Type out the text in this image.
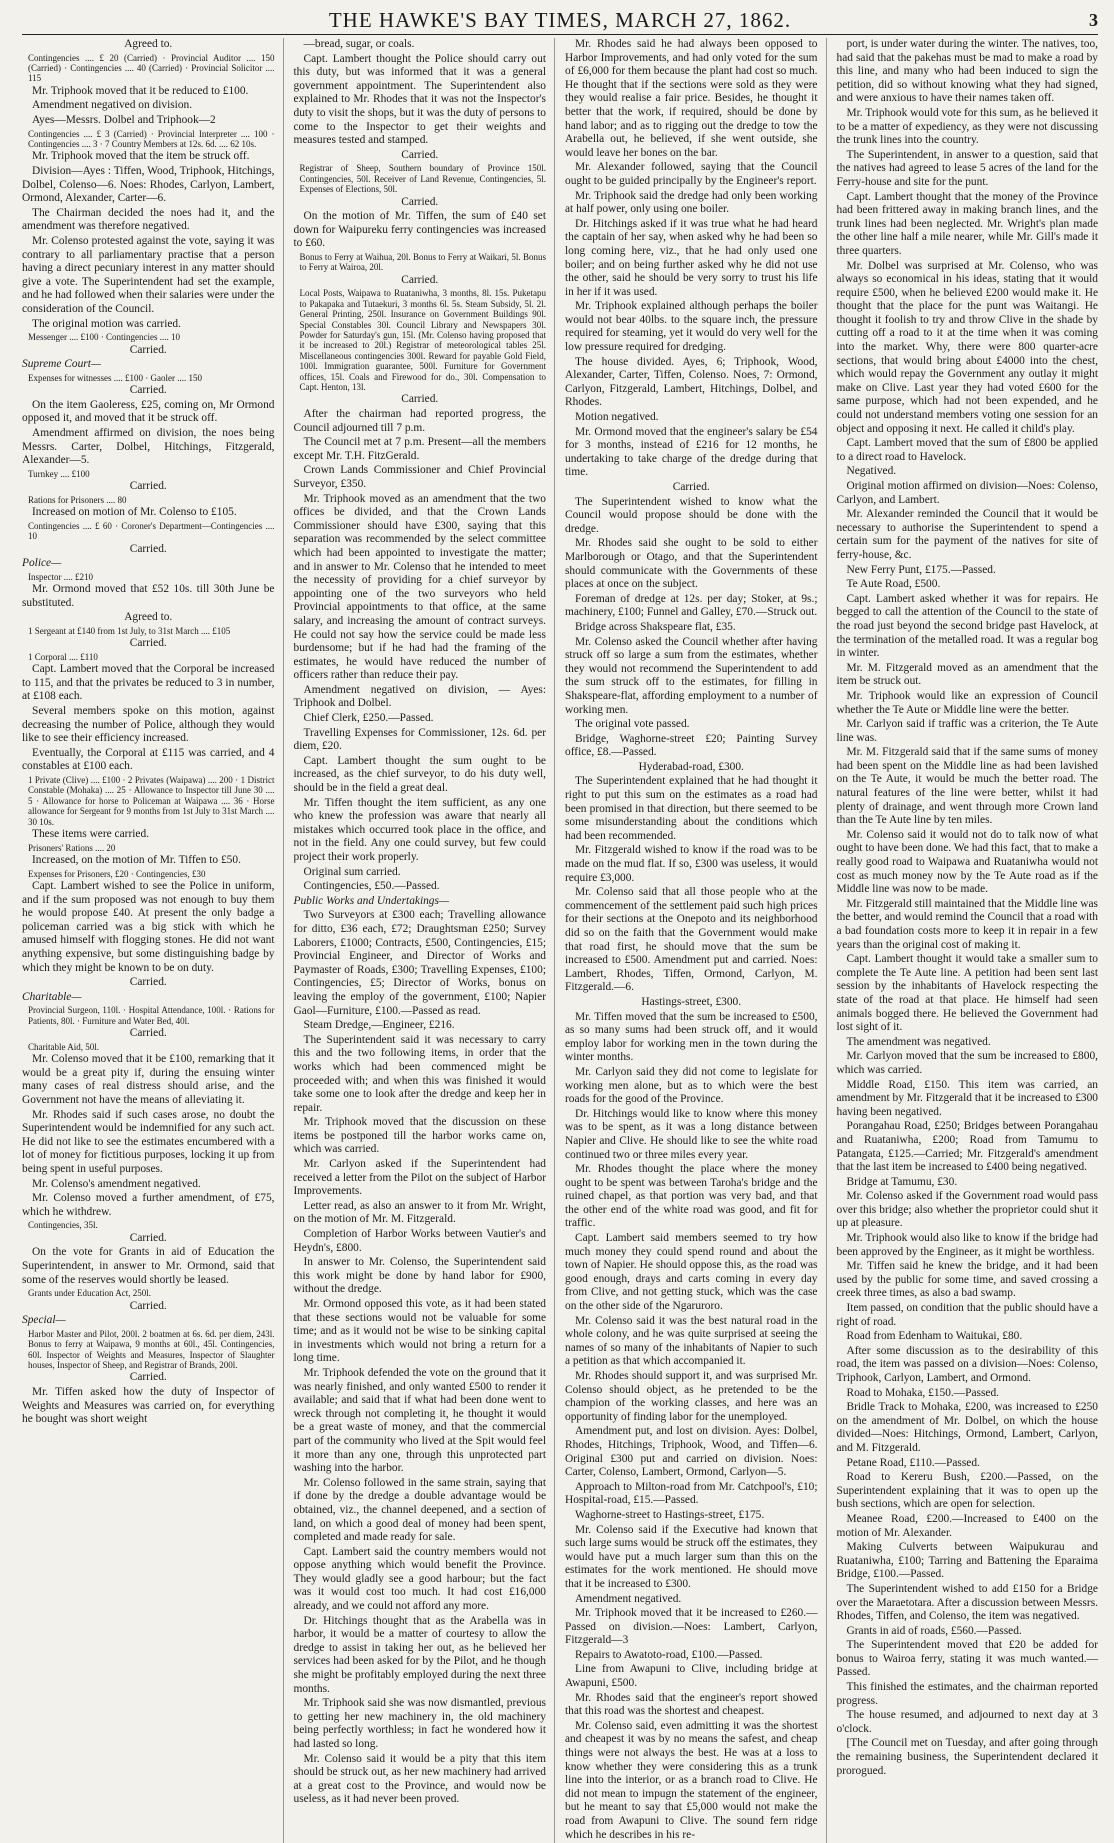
THE HAWKE'S BAY TIMES, MARCH 27, 1862.	3

Agreed to.

Contingencies .... £ 20 (Carried) · Provincial Auditor .... 150 (Carried) · Contingencies .... 40 (Carried) · Provincial Solicitor .... 115

Mr. Triphook moved that it be reduced to £100.

Amendment negatived on division.

Ayes—Messrs. Dolbel and Triphook—2

Contingencies .... £ 3 (Carried) · Provincial Interpreter .... 100 · Contingencies .... 3 · 7 Country Members at 12s. 6d. .... 62 10s.

Mr. Triphook moved that the item be struck off.

Division—Ayes : Tiffen, Wood, Triphook, Hitchings, Dolbel, Colenso—6. Noes: Rhodes, Carlyon, Lambert, Ormond, Alexander, Carter—6.

The Chairman decided the noes had it, and the amendment was therefore negatived.

Mr. Colenso protested against the vote, saying it was contrary to all parliamentary practise that a person having a direct pecuniary interest in any matter should give a vote. The Superintendent had set the example, and he had followed when their salaries were under the consideration of the Council.

The original motion was carried.

Messenger .... £100 · Contingencies .... 10

Carried.

Supreme Court—

Expenses for witnesses .... £100 · Gaoler .... 150

Carried.

On the item Gaoleress, £25, coming on, Mr Ormond opposed it, and moved that it be struck off.

Amendment affirmed on division, the noes being Messrs. Carter, Dolbel, Hitchings, Fitzgerald, Alexander—5.

Turnkey .... £100

Carried.

Rations for Prisoners .... 80

Increased on motion of Mr. Colenso to £105.

Contingencies .... £ 60 · Coroner's Department—Contingencies .... 10

Carried.

Police—

Inspector .... £210

Mr. Ormond moved that £52 10s. till 30th June be substituted.

Agreed to.

1 Sergeant at £140 from 1st July, to 31st March .... £105

Carried.

1 Corporal .... £110

Capt. Lambert moved that the Corporal be increased to 115, and that the privates be reduced to 3 in number, at £108 each.

Several members spoke on this motion, against decreasing the number of Police, although they would like to see their efficiency increased.

Eventually, the Corporal at £115 was carried, and 4 constables at £100 each.

1 Private (Clive) .... £100 · 2 Privates (Waipawa) .... 200 · 1 District Constable (Mohaka) .... 25 · Allowance to Inspector till June 30 .... 5 · Allowance for horse to Policeman at Waipawa .... 36 · Horse allowance for Sergeant for 9 months from 1st July to 31st March .... 30 10s.

These items were carried.

Prisoners' Rations .... 20

Increased, on the motion of Mr. Tiffen to £50.

Expenses for Prisoners, £20 · Contingencies, £30

Capt. Lambert wished to see the Police in uniform, and if the sum proposed was not enough to buy them he would propose £40. At present the only badge a policeman carried was a big stick with which he amused himself with flogging stones. He did not want anything expensive, but some distinguishing badge by which they might be known to be on duty.

Carried.

Charitable—

Provincial Surgeon, 110l. · Hospital Attendance, 100l. · Rations for Patients, 80l. · Furniture and Water Bed, 40l.

Carried.

Charitable Aid, 50l.

Mr. Colenso moved that it be £100, remarking that it would be a great pity if, during the ensuing winter many cases of real distress should arise, and the Government not have the means of alleviating it.

Mr. Rhodes said if such cases arose, no doubt the Superintendent would be indemnified for any such act. He did not like to see the estimates encumbered with a lot of money for fictitious purposes, locking it up from being spent in useful purposes.

Mr. Colenso's amendment negatived.

Mr. Colenso moved a further amendment, of £75, which he withdrew.

Contingencies, 35l.

Carried.

On the vote for Grants in aid of Education the Superintendent, in answer to Mr. Ormond, said that some of the reserves would shortly be leased.

Grants under Education Act, 250l.

Carried.

Special—

Harbor Master and Pilot, 200l. 2 boatmen at 6s. 6d. per diem, 243l. Bonus to ferry at Waipawa, 9 months at 60l., 45l. Contingencies, 60l. Inspector of Weights and Measures, Inspector of Slaughter houses, Inspector of Sheep, and Registrar of Brands, 200l.

Carried.

Mr. Tiffen asked how the duty of Inspector of Weights and Measures was carried on, for everything he bought was short weight

—bread, sugar, or coals.

Capt. Lambert thought the Police should carry out this duty, but was informed that it was a general government appointment. The Superintendent also explained to Mr. Rhodes that it was not the Inspector's duty to visit the shops, but it was the duty of persons to come to the Inspector to get their weights and measures tested and stamped.

Carried.

Registrar of Sheep, Southern boundary of Province 150l. Contingencies, 50l. Receiver of Land Revenue, Contingencies, 5l. Expenses of Elections, 50l.

Carried.

On the motion of Mr. Tiffen, the sum of £40 set down for Waipureku ferry contingencies was increased to £60.

Bonus to Ferry at Waihua, 20l. Bonus to Ferry at Waikari, 5l. Bonus to Ferry at Wairoa, 20l.

Carried.

Local Posts, Waipawa to Ruataniwha, 3 months, 8l. 15s. Puketapu to Pakapaka and Tutaekuri, 3 months 6l. 5s. Steam Subsidy, 5l. 2l. General Printing, 250l. Insurance on Government Buildings 90l. Special Constables 30l. Council Library and Newspapers 30l. Powder for Saturday's gun, 15l. (Mr. Colenso having proposed that it be increased to 20l.) Registrar of meteorological tables 25l. Miscellaneous contingencies 300l. Reward for payable Gold Field, 100l. Immigration guarantee, 500l. Furniture for Government offices, 15l. Coals and Firewood for do., 30l. Compensation to Capt. Henton, 13l.

Carried.

After the chairman had reported progress, the Council adjourned till 7 p.m.

The Council met at 7 p.m. Present—all the members except Mr. T.H. FitzGerald.

Crown Lands Commissioner and Chief Provincial Surveyor, £350.

Mr. Triphook moved as an amendment that the two offices be divided, and that the Crown Lands Commissioner should have £300, saying that this separation was recommended by the select committee which had been appointed to investigate the matter; and in answer to Mr. Colenso that he intended to meet the necessity of providing for a chief surveyor by appointing one of the two surveyors who held Provincial appointments to that office, at the same salary, and increasing the amount of contract surveys. He could not say how the service could be made less burdensome; but if he had had the framing of the estimates, he would have reduced the number of officers rather than reduce their pay.

Amendment negatived on division, — Ayes: Triphook and Dolbel.

Chief Clerk, £250.—Passed.

Travelling Expenses for Commissioner, 12s. 6d. per diem, £20.

Capt. Lambert thought the sum ought to be increased, as the chief surveyor, to do his duty well, should be in the field a great deal.

Mr. Tiffen thought the item sufficient, as any one who knew the profession was aware that nearly all mistakes which occurred took place in the office, and not in the field. Any one could survey, but few could project their work properly.

Original sum carried.

Contingencies, £50.—Passed.

Public Works and Undertakings—

Two Surveyors at £300 each; Travelling allowance for ditto, £36 each, £72; Draughtsman £250; Survey Laborers, £1000; Contracts, £500, Contingencies, £15; Provincial Engineer, and Director of Works and Paymaster of Roads, £300; Travelling Expenses, £100; Contingencies, £5; Director of Works, bonus on leaving the employ of the government, £100; Napier Gaol—Furniture, £100.—Passed as read.

Steam Dredge,—Engineer, £216.

The Superintendent said it was necessary to carry this and the two following items, in order that the works which had been commenced might be proceeded with; and when this was finished it would take some one to look after the dredge and keep her in repair.

Mr. Triphook moved that the discussion on these items be postponed till the harbor works came on, which was carried.

Mr. Carlyon asked if the Superintendent had received a letter from the Pilot on the subject of Harbor Improvements.

Letter read, as also an answer to it from Mr. Wright, on the motion of Mr. M. Fitzgerald.

Completion of Harbor Works between Vautier's and Heydn's, £800.

In answer to Mr. Colenso, the Superintendent said this work might be done by hand labor for £900, without the dredge.

Mr. Ormond opposed this vote, as it had been stated that these sections would not be valuable for some time; and as it would not be wise to be sinking capital in investments which would not bring a return for a long time.

Mr. Triphook defended the vote on the ground that it was nearly finished, and only wanted £500 to render it available; and said that if what had been done went to wreck through not completing it, he thought it would be a great waste of money, and that the commercial part of the community who lived at the Spit would feel it more than any one, through this unprotected part washing into the harbor.

Mr. Colenso followed in the same strain, saying that if done by the dredge a double advantage would be obtained, viz., the channel deepened, and a section of land, on which a good deal of money had been spent, completed and made ready for sale.

Capt. Lambert said the country members would not oppose anything which would benefit the Province. They would gladly see a good harbour; but the fact was it would cost too much. It had cost £16,000 already, and we could not afford any more.

Dr. Hitchings thought that as the Arabella was in harbor, it would be a matter of courtesy to allow the dredge to assist in taking her out, as he believed her services had been asked for by the Pilot, and he though she might be profitably employed during the next three months.

Mr. Triphook said she was now dismantled, previous to getting her new machinery in, the old machinery being perfectly worthless; in fact he wondered how it had lasted so long.

Mr. Colenso said it would be a pity that this item should be struck out, as her new machinery had arrived at a great cost to the Province, and would now be useless, as it had never been proved.

Mr. Rhodes said he had always been opposed to Harbor Improvements, and had only voted for the sum of £6,000 for them because the plant had cost so much. He thought that if the sections were sold as they were they would realise a fair price. Besides, he thought it better that the work, if required, should be done by hand labor; and as to rigging out the dredge to tow the Arabella out, he believed, if she went outside, she would leave her bones on the bar.

Mr. Alexander followed, saying that the Council ought to be guided principally by the Engineer's report.

Mr. Triphook said the dredge had only been working at half power, only using one boiler.

Dr. Hitchings asked if it was true what he had heard the captain of her say, when asked why he had been so long coming here, viz., that he had only used one boiler; and on being further asked why he did not use the other, said he should be very sorry to trust his life in her if it was used.

Mr. Triphook explained although perhaps the boiler would not bear 40lbs. to the square inch, the pressure required for steaming, yet it would do very well for the low pressure required for dredging.

The house divided. Ayes, 6; Triphook, Wood, Alexander, Carter, Tiffen, Colenso. Noes, 7: Ormond, Carlyon, Fitzgerald, Lambert, Hitchings, Dolbel, and Rhodes.

Motion negatived.

Mr. Ormond moved that the engineer's salary be £54 for 3 months, instead of £216 for 12 months, he undertaking to take charge of the dredge during that time.

Carried.

The Superintendent wished to know what the Council would propose should be done with the dredge.

Mr. Rhodes said she ought to be sold to either Marlborough or Otago, and that the Superintendent should communicate with the Governments of these places at once on the subject.

Foreman of dredge at 12s. per day; Stoker, at 9s.; machinery, £100; Funnel and Galley, £70.—Struck out.

Bridge across Shakspeare flat, £35.

Mr. Colenso asked the Council whether after having struck off so large a sum from the estimates, whether they would not recommend the Superintendent to add the sum struck off to the estimates, for filling in Shakspeare-flat, affording employment to a number of working men.

The original vote passed.

Bridge, Waghorne-street £20; Painting Survey office, £8.—Passed.

Hyderabad-road, £300.

The Superintendent explained that he had thought it right to put this sum on the estimates as a road had been promised in that direction, but there seemed to be some misunderstanding about the conditions which had been recommended.

Mr. Fitzgerald wished to know if the road was to be made on the mud flat. If so, £300 was useless, it would require £3,000.

Mr. Colenso said that all those people who at the commencement of the settlement paid such high prices for their sections at the Onepoto and its neighborhood did so on the faith that the Government would make that road first, he should move that the sum be increased to £500. Amendment put and carried. Noes: Lambert, Rhodes, Tiffen, Ormond, Carlyon, M. Fitzgerald.—6.

Hastings-street, £300.

Mr. Tiffen moved that the sum be increased to £500, as so many sums had been struck off, and it would employ labor for working men in the town during the winter months.

Mr. Carlyon said they did not come to legislate for working men alone, but as to which were the best roads for the good of the Province.

Dr. Hitchings would like to know where this money was to be spent, as it was a long distance between Napier and Clive. He should like to see the white road continued two or three miles every year.

Mr. Rhodes thought the place where the money ought to be spent was between Taroha's bridge and the ruined chapel, as that portion was very bad, and that the other end of the white road was good, and fit for traffic.

Capt. Lambert said members seemed to try how much money they could spend round and about the town of Napier. He should oppose this, as the road was good enough, drays and carts coming in every day from Clive, and not getting stuck, which was the case on the other side of the Ngaruroro.

Mr. Colenso said it was the best natural road in the whole colony, and he was quite surprised at seeing the names of so many of the inhabitants of Napier to such a petition as that which accompanied it.

Mr. Rhodes should support it, and was surprised Mr. Colenso should object, as he pretended to be the champion of the working classes, and here was an opportunity of finding labor for the unemployed.

Amendment put, and lost on division. Ayes: Dolbel, Rhodes, Hitchings, Triphook, Wood, and Tiffen—6. Original £300 put and carried on division. Noes: Carter, Colenso, Lambert, Ormond, Carlyon—5.

Approach to Milton-road from Mr. Catchpool's, £10; Hospital-road, £15.—Passed.

Waghorne-street to Hastings-street, £175.

Mr. Colenso said if the Executive had known that such large sums would be struck off the estimates, they would have put a much larger sum than this on the estimates for the work mentioned. He should move that it be increased to £300.

Amendment negatived.

Mr. Triphook moved that it be increased to £260.—Passed on division.—Noes: Lambert, Carlyon, Fitzgerald—3

Repairs to Awatoto-road, £100.—Passed.

Line from Awapuni to Clive, including bridge at Awapuni, £500.

Mr. Rhodes said that the engineer's report showed that this road was the shortest and cheapest.

Mr. Colenso said, even admitting it was the shortest and cheapest it was by no means the safest, and cheap things were not always the best. He was at a loss to know whether they were considering this as a trunk line into the interior, or as a branch road to Clive. He did not mean to impugn the statement of the engineer, but he meant to say that £5,000 would not make the road from Awapuni to Clive. The sound fern ridge which he describes in his re-

port, is under water during the winter. The natives, too, had said that the pakehas must be mad to make a road by this line, and many who had been induced to sign the petition, did so without knowing what they had signed, and were anxious to have their names taken off.

Mr. Triphook would vote for this sum, as he believed it to be a matter of expediency, as they were not discussing the trunk lines into the country.

The Superintendent, in answer to a question, said that the natives had agreed to lease 5 acres of the land for the Ferry-house and site for the punt.

Capt. Lambert thought that the money of the Province had been frittered away in making branch lines, and the trunk lines had been neglected. Mr. Wright's plan made the other line half a mile nearer, while Mr. Gill's made it three quarters.

Mr. Dolbel was surprised at Mr. Colenso, who was always so economical in his ideas, stating that it would require £500, when he believed £200 would make it. He thought that the place for the punt was Waitangi. He thought it foolish to try and throw Clive in the shade by cutting off a road to it at the time when it was coming into the market. Why, there were 800 quarter-acre sections, that would bring about £4000 into the chest, which would repay the Government any outlay it might make on Clive. Last year they had voted £600 for the same purpose, which had not been expended, and he could not understand members voting one session for an object and opposing it next. He called it child's play.

Capt. Lambert moved that the sum of £800 be applied to a direct road to Havelock.

Negatived.

Original motion affirmed on division—Noes: Colenso, Carlyon, and Lambert.

Mr. Alexander reminded the Council that it would be necessary to authorise the Superintendent to spend a certain sum for the payment of the natives for site of ferry-house, &c.

New Ferry Punt, £175.—Passed.

Te Aute Road, £500.

Capt. Lambert asked whether it was for repairs. He begged to call the attention of the Council to the state of the road just beyond the second bridge past Havelock, at the termination of the metalled road. It was a regular bog in winter.

Mr. M. Fitzgerald moved as an amendment that the item be struck out.

Mr. Triphook would like an expression of Council whether the Te Aute or Middle line were the better.

Mr. Carlyon said if traffic was a criterion, the Te Aute line was.

Mr. M. Fitzgerald said that if the same sums of money had been spent on the Middle line as had been lavished on the Te Aute, it would be much the better road. The natural features of the line were better, whilst it had plenty of drainage, and went through more Crown land than the Te Aute line by ten miles.

Mr. Colenso said it would not do to talk now of what ought to have been done. We had this fact, that to make a really good road to Waipawa and Ruataniwha would not cost as much money now by the Te Aute road as if the Middle line was now to be made.

Mr. Fitzgerald still maintained that the Middle line was the better, and would remind the Council that a road with a bad foundation costs more to keep it in repair in a few years than the original cost of making it.

Capt. Lambert thought it would take a smaller sum to complete the Te Aute line. A petition had been sent last session by the inhabitants of Havelock respecting the state of the road at that place. He himself had seen animals bogged there. He believed the Government had lost sight of it.

The amendment was negatived.

Mr. Carlyon moved that the sum be increased to £800, which was carried.

Middle Road, £150. This item was carried, an amendment by Mr. Fitzgerald that it be increased to £300 having been negatived.

Porangahau Road, £250; Bridges between Porangahau and Ruataniwha, £200; Road from Tamumu to Patangata, £125.—Carried; Mr. Fitzgerald's amendment that the last item be increased to £400 being negatived.

Bridge at Tamumu, £30.

Mr. Colenso asked if the Government road would pass over this bridge; also whether the proprietor could shut it up at pleasure.

Mr. Triphook would also like to know if the bridge had been approved by the Engineer, as it might be worthless.

Mr. Tiffen said he knew the bridge, and it had been used by the public for some time, and saved crossing a creek three times, as also a bad swamp.

Item passed, on condition that the public should have a right of road.

Road from Edenham to Waitukai, £80.

After some discussion as to the desirability of this road, the item was passed on a division—Noes: Colenso, Triphook, Carlyon, Lambert, and Ormond.

Road to Mohaka, £150.—Passed.

Bridle Track to Mohaka, £200, was increased to £250 on the amendment of Mr. Dolbel, on which the house divided—Noes: Hitchings, Ormond, Lambert, Carlyon, and M. Fitzgerald.

Petane Road, £110.—Passed.

Road to Kereru Bush, £200.—Passed, on the Superintendent explaining that it was to open up the bush sections, which are open for selection.

Meanee Road, £200.—Increased to £400 on the motion of Mr. Alexander.

Making Culverts between Waipukurau and Ruataniwha, £100; Tarring and Battening the Eparaima Bridge, £100.—Passed.

The Superintendent wished to add £150 for a Bridge over the Maraetotara. After a discussion between Messrs. Rhodes, Tiffen, and Colenso, the item was negatived.

Grants in aid of roads, £560.—Passed.

The Superintendent moved that £20 be added for bonus to Wairoa ferry, stating it was much wanted.—Passed.

This finished the estimates, and the chairman reported progress.

The house resumed, and adjourned to next day at 3 o'clock.

[The Council met on Tuesday, and after going through the remaining business, the Superintendent declared it prorogued.
